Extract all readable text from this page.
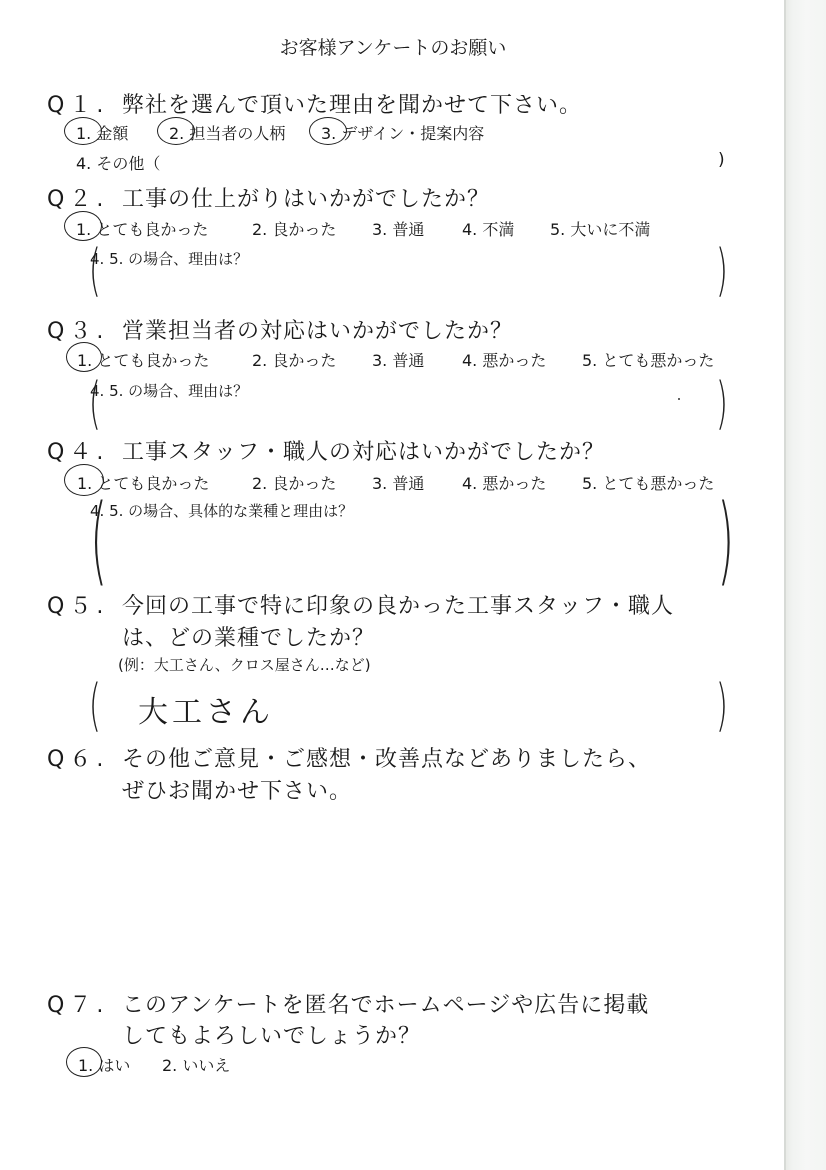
お客様アンケートのお願い
Q１. 弊社を選んで頂いた理由を聞かせて下さい。
1. 金額	2. 担当者の人柄 3. デザイン・提案内容
4. その他（	)
Q２. 工事の仕上がりはいかがでしたか？
1. とても良かった	2. 良かった 3. 普通 4. 不満 5. 大いに不満
(
4. 5. の場合、理由は？	)
Q３. 営業担当者の対応はいかがでしたか？
1. とても良かった	2. 良かった 3. 普通 4. 悪かった 5. とても悪かった
(
4. 5. の場合、理由は？	)
Q４. 工事スタッフ・職人の対応はいかがでしたか？
1. とても良かった	2. 良かった 3. 普通 4. 悪かった 5. とても悪かった
(
4. 5. の場合、具体的な業種と理由は？	)
Q５. 今回の工事で特に印象の良かった工事スタッフ・職人
は、どの業種でしたか？
(例：大工さん、クロス屋さん…など)
( 大工さん	)
Q６. その他ご意見・ご感想・改善点などありましたら、
ぜひお聞かせ下さい。
Q７. このアンケートを匿名でホームページや広告に掲載
してもよろしいでしょうか？
1. はい 2. いいえ
